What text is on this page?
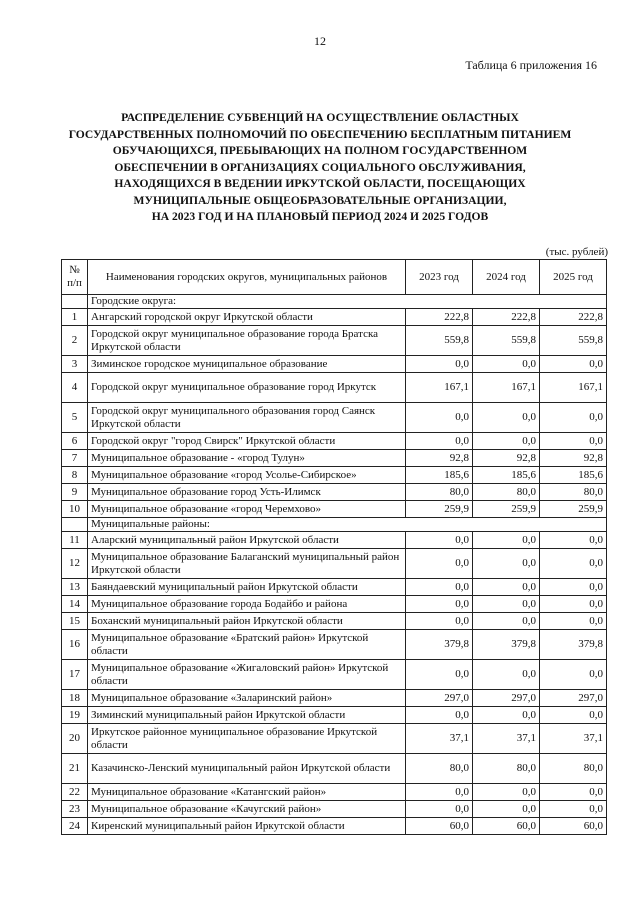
12
Таблица 6 приложения 16
РАСПРЕДЕЛЕНИЕ СУБВЕНЦИЙ НА ОСУЩЕСТВЛЕНИЕ ОБЛАСТНЫХ
ГОСУДАРСТВЕННЫХ ПОЛНОМОЧИЙ ПО ОБЕСПЕЧЕНИЮ БЕСПЛАТНЫМ ПИТАНИЕМ
ОБУЧАЮЩИХСЯ, ПРЕБЫВАЮЩИХ НА ПОЛНОМ ГОСУДАРСТВЕННОМ
ОБЕСПЕЧЕНИИ В ОРГАНИЗАЦИЯХ СОЦИАЛЬНОГО ОБСЛУЖИВАНИЯ,
НАХОДЯЩИХСЯ В ВЕДЕНИИ ИРКУТСКОЙ ОБЛАСТИ, ПОСЕЩАЮЩИХ
МУНИЦИПАЛЬНЫЕ ОБЩЕОБРАЗОВАТЕЛЬНЫЕ ОРГАНИЗАЦИИ,
НА 2023 ГОД И НА ПЛАНОВЫЙ ПЕРИОД 2024 И 2025 ГОДОВ
(тыс. рублей)
№ п/п	Наименования городских округов, муниципальных районов	2023 год	2024 год	2025 год
	Городские округа:			
1	Ангарский городской округ Иркутской области	222,8	222,8	222,8
2	Городской округ муниципальное образование города Братска Иркутской области	559,8	559,8	559,8
3	Зиминское городское муниципальное образование	0,0	0,0	0,0
4	Городской округ муниципальное образование город Иркутск	167,1	167,1	167,1
5	Городской округ муниципального образования город Саянск Иркутской области	0,0	0,0	0,0
6	Городской округ "город Свирск" Иркутской области	0,0	0,0	0,0
7	Муниципальное образование - «город Тулун»	92,8	92,8	92,8
8	Муниципальное образование «город Усолье-Сибирское»	185,6	185,6	185,6
9	Муниципальное образование город Усть-Илимск	80,0	80,0	80,0
10	Муниципальное образование «город Черемхово»	259,9	259,9	259,9
	Муниципальные районы:			
11	Аларский муниципальный район Иркутской области	0,0	0,0	0,0
12	Муниципальное образование Балаганский муниципальный район Иркутской области	0,0	0,0	0,0
13	Баяндаевский муниципальный район Иркутской области	0,0	0,0	0,0
14	Муниципальное образование города Бодайбо и района	0,0	0,0	0,0
15	Боханский муниципальный район Иркутской области	0,0	0,0	0,0
16	Муниципальное образование «Братский район» Иркутской области	379,8	379,8	379,8
17	Муниципальное образование «Жигаловский район» Иркутской области	0,0	0,0	0,0
18	Муниципальное образование «Заларинский район»	297,0	297,0	297,0
19	Зиминский муниципальный район Иркутской области	0,0	0,0	0,0
20	Иркутское районное муниципальное образование Иркутской области	37,1	37,1	37,1
21	Казачинско-Ленский муниципальный район Иркутской области	80,0	80,0	80,0
22	Муниципальное образование «Катангский район»	0,0	0,0	0,0
23	Муниципальное образование «Качугский район»	0,0	0,0	0,0
24	Киренский муниципальный район Иркутской области	60,0	60,0	60,0
